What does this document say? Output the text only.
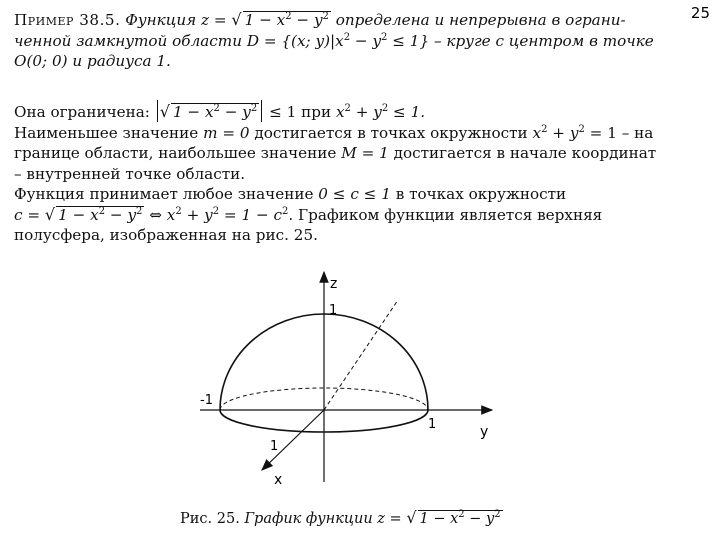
25
Пример 38.5. Функция z = √ $1 - x^2 - y^2$ определена и непрерывна в ограни-
ченной замкнутой области D = {(x; $y)|x^2 - y^2 \le 1$} – круге с центром в точке
O(0; 0) и радиуса 1.

Она ограничена: √ $1 - x^2 - y^2 \le 1$ при $x^2 + y^2 \le 1$.

Наименьшее значение m = 0 достигается в точках окружности $x^2 + y^2 = 1$ – на

границе области, наибольшее значение M = 1 достигается в начале координат

– внутренней точке области.

Функция принимает любое значение 0 ≤ c ≤ 1 в точках окружности

c = √ $1 - x^2 - y^2$ ⇔ $x^2 + y^2 = 1 - c^2$. Графиком функции является верхняя

полусфера, изображенная на рис. 25.

z
y
x
1
1
1
-1
Рис. 25. График функции z = √ $1 - x^2 - y^2$
